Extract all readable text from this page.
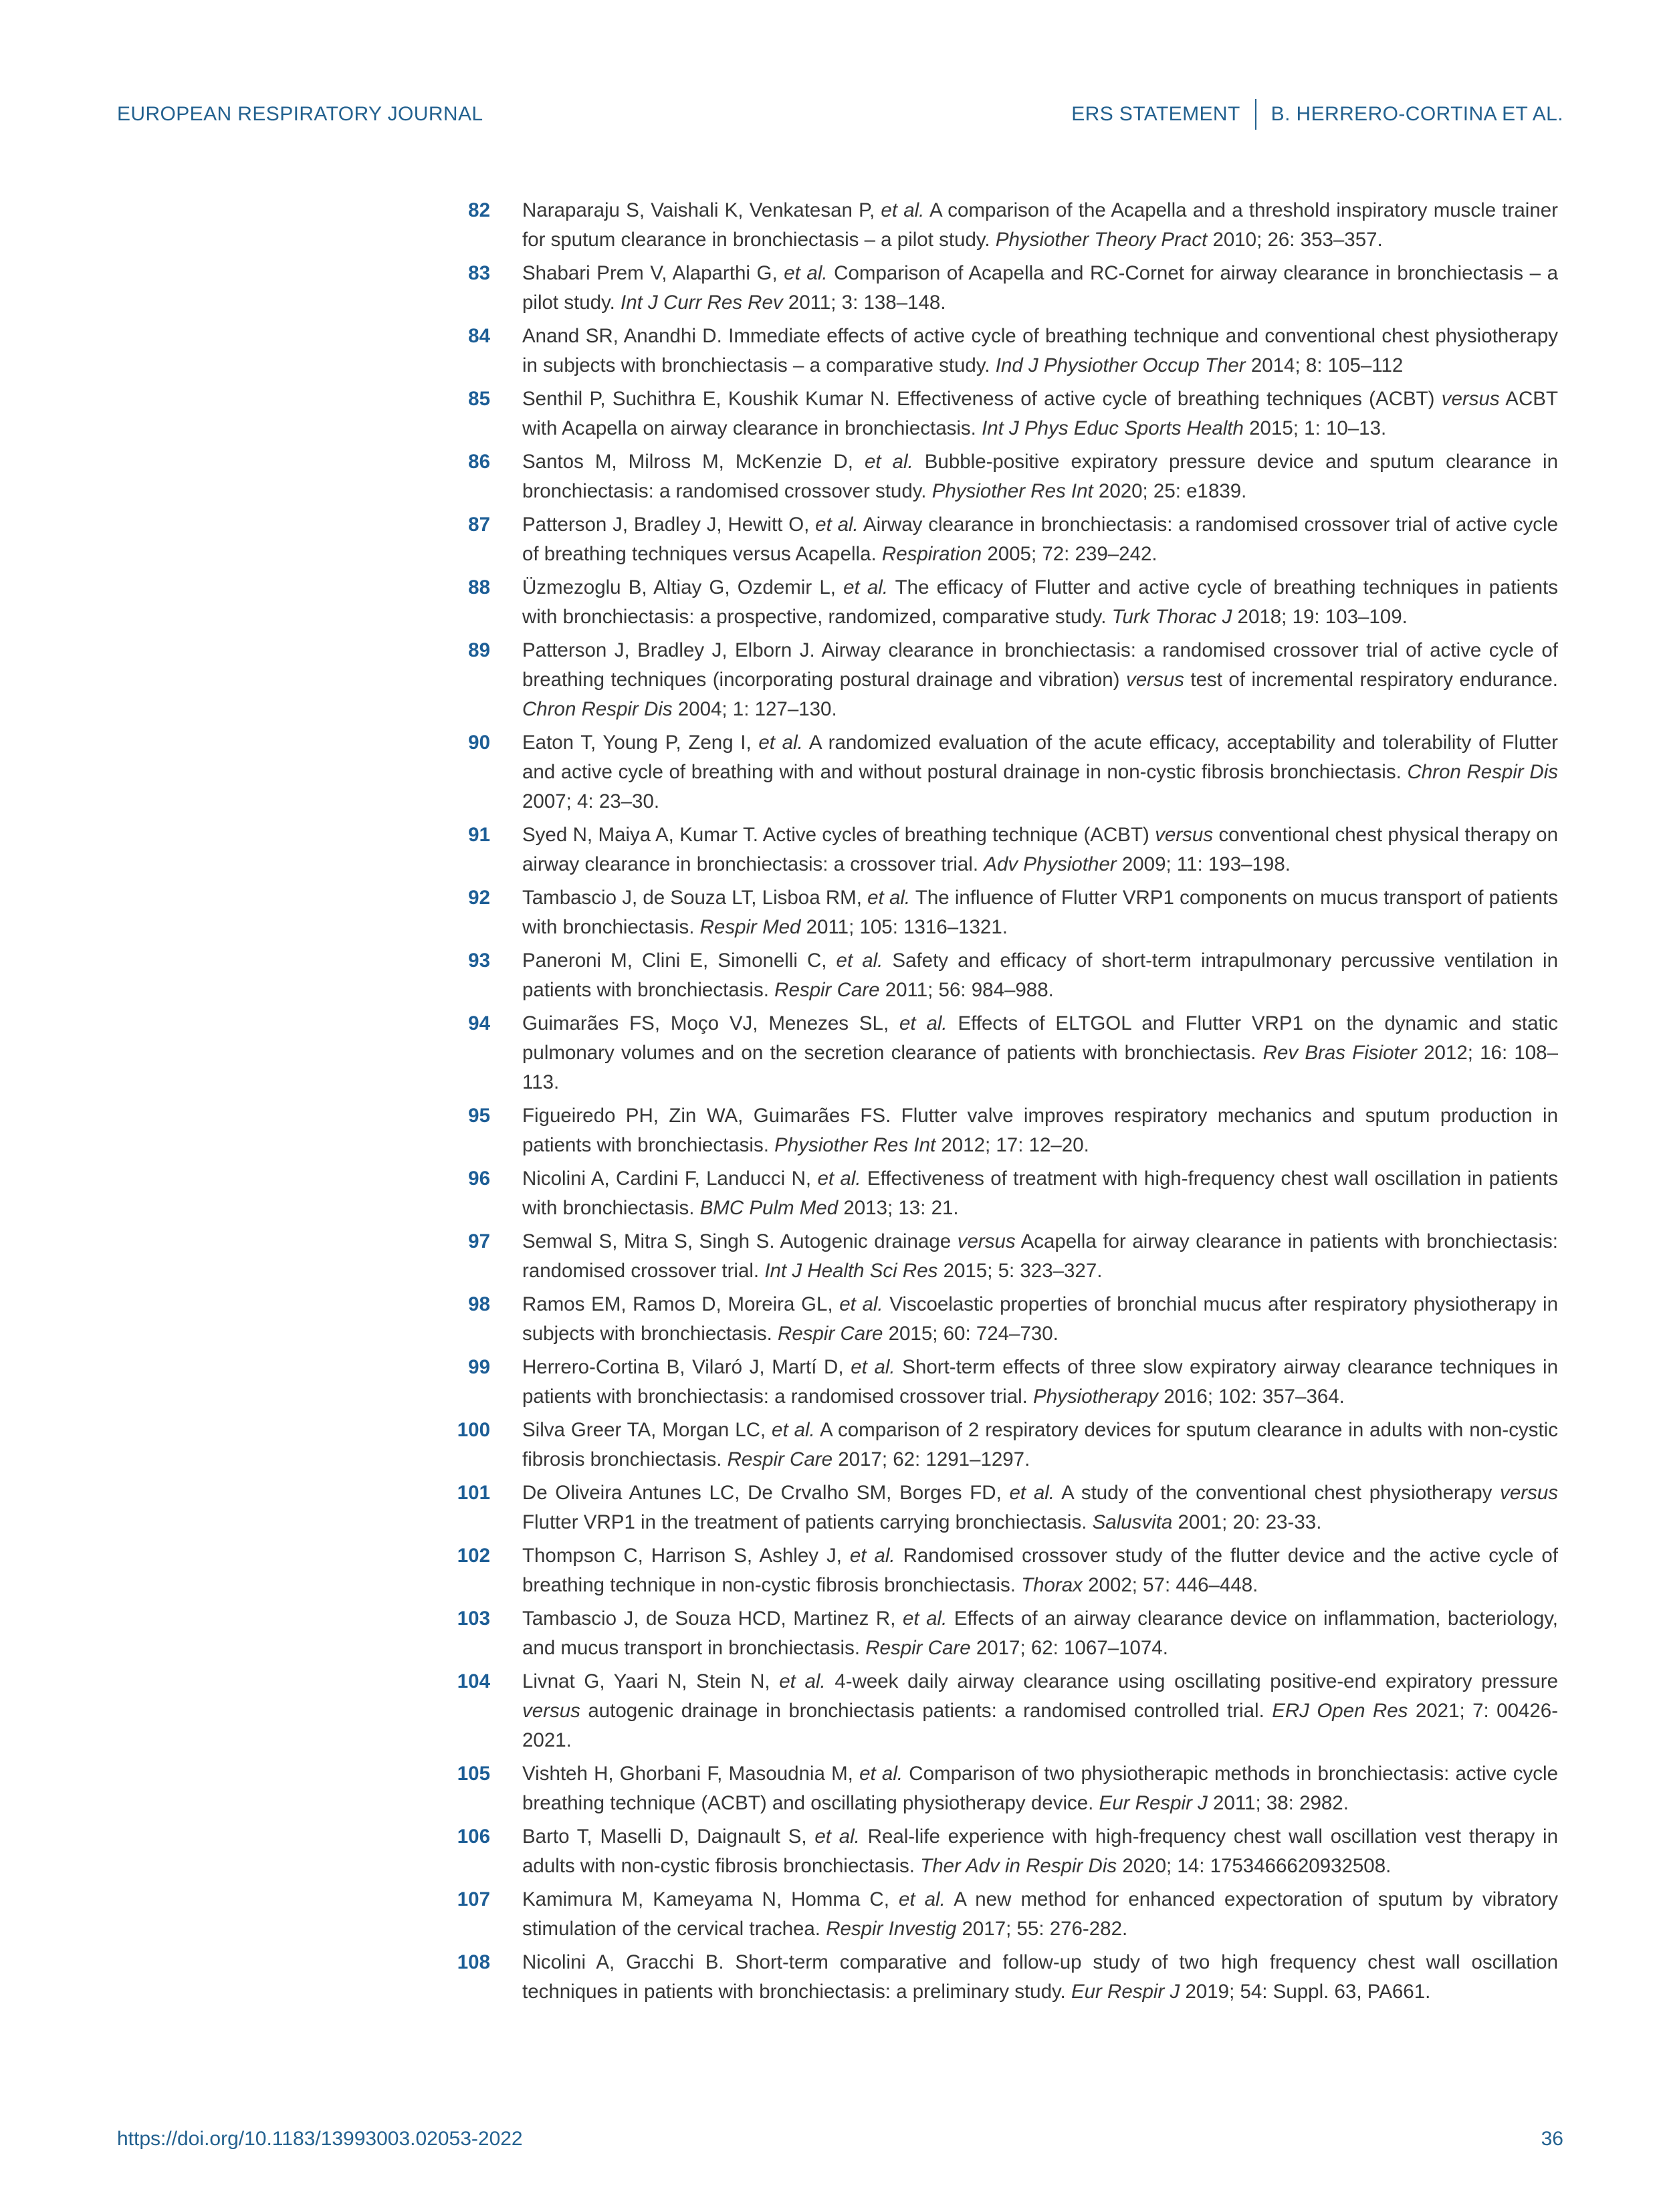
EUROPEAN RESPIRATORY JOURNAL	ERS STATEMENT B. HERRERO-CORTINA ET AL.
82 Naraparaju S, Vaishali K, Venkatesan P, et al. A comparison of the Acapella and a threshold inspiratory muscle trainer for sputum clearance in bronchiectasis – a pilot study. Physiother Theory Pract 2010; 26: 353–357.
83 Shabari Prem V, Alaparthi G, et al. Comparison of Acapella and RC-Cornet for airway clearance in bronchiectasis – a pilot study. Int J Curr Res Rev 2011; 3: 138–148.
84 Anand SR, Anandhi D. Immediate effects of active cycle of breathing technique and conventional chest physiotherapy in subjects with bronchiectasis – a comparative study. Ind J Physiother Occup Ther 2014; 8: 105–112
85 Senthil P, Suchithra E, Koushik Kumar N. Effectiveness of active cycle of breathing techniques (ACBT) versus ACBT with Acapella on airway clearance in bronchiectasis. Int J Phys Educ Sports Health 2015; 1: 10–13.
86 Santos M, Milross M, McKenzie D, et al. Bubble-positive expiratory pressure device and sputum clearance in bronchiectasis: a randomised crossover study. Physiother Res Int 2020; 25: e1839.
87 Patterson J, Bradley J, Hewitt O, et al. Airway clearance in bronchiectasis: a randomised crossover trial of active cycle of breathing techniques versus Acapella. Respiration 2005; 72: 239–242.
88 Üzmezoglu B, Altiay G, Ozdemir L, et al. The efficacy of Flutter and active cycle of breathing techniques in patients with bronchiectasis: a prospective, randomized, comparative study. Turk Thorac J 2018; 19: 103–109.
89 Patterson J, Bradley J, Elborn J. Airway clearance in bronchiectasis: a randomised crossover trial of active cycle of breathing techniques (incorporating postural drainage and vibration) versus test of incremental respiratory endurance. Chron Respir Dis 2004; 1: 127–130.
90 Eaton T, Young P, Zeng I, et al. A randomized evaluation of the acute efficacy, acceptability and tolerability of Flutter and active cycle of breathing with and without postural drainage in non-cystic fibrosis bronchiectasis. Chron Respir Dis 2007; 4: 23–30.
91 Syed N, Maiya A, Kumar T. Active cycles of breathing technique (ACBT) versus conventional chest physical therapy on airway clearance in bronchiectasis: a crossover trial. Adv Physiother 2009; 11: 193–198.
92 Tambascio J, de Souza LT, Lisboa RM, et al. The influence of Flutter VRP1 components on mucus transport of patients with bronchiectasis. Respir Med 2011; 105: 1316–1321.
93 Paneroni M, Clini E, Simonelli C, et al. Safety and efficacy of short-term intrapulmonary percussive ventilation in patients with bronchiectasis. Respir Care 2011; 56: 984–988.
94 Guimarães FS, Moço VJ, Menezes SL, et al. Effects of ELTGOL and Flutter VRP1 on the dynamic and static pulmonary volumes and on the secretion clearance of patients with bronchiectasis. Rev Bras Fisioter 2012; 16: 108–113.
95 Figueiredo PH, Zin WA, Guimarães FS. Flutter valve improves respiratory mechanics and sputum production in patients with bronchiectasis. Physiother Res Int 2012; 17: 12–20.
96 Nicolini A, Cardini F, Landucci N, et al. Effectiveness of treatment with high-frequency chest wall oscillation in patients with bronchiectasis. BMC Pulm Med 2013; 13: 21.
97 Semwal S, Mitra S, Singh S. Autogenic drainage versus Acapella for airway clearance in patients with bronchiectasis: randomised crossover trial. Int J Health Sci Res 2015; 5: 323–327.
98 Ramos EM, Ramos D, Moreira GL, et al. Viscoelastic properties of bronchial mucus after respiratory physiotherapy in subjects with bronchiectasis. Respir Care 2015; 60: 724–730.
99 Herrero-Cortina B, Vilaró J, Martí D, et al. Short-term effects of three slow expiratory airway clearance techniques in patients with bronchiectasis: a randomised crossover trial. Physiotherapy 2016; 102: 357–364.
100 Silva Greer TA, Morgan LC, et al. A comparison of 2 respiratory devices for sputum clearance in adults with non-cystic fibrosis bronchiectasis. Respir Care 2017; 62: 1291–1297.
101 De Oliveira Antunes LC, De Crvalho SM, Borges FD, et al. A study of the conventional chest physiotherapy versus Flutter VRP1 in the treatment of patients carrying bronchiectasis. Salusvita 2001; 20: 23-33.
102 Thompson C, Harrison S, Ashley J, et al. Randomised crossover study of the flutter device and the active cycle of breathing technique in non-cystic fibrosis bronchiectasis. Thorax 2002; 57: 446–448.
103 Tambascio J, de Souza HCD, Martinez R, et al. Effects of an airway clearance device on inflammation, bacteriology, and mucus transport in bronchiectasis. Respir Care 2017; 62: 1067–1074.
104 Livnat G, Yaari N, Stein N, et al. 4-week daily airway clearance using oscillating positive-end expiratory pressure versus autogenic drainage in bronchiectasis patients: a randomised controlled trial. ERJ Open Res 2021; 7: 00426-2021.
105 Vishteh H, Ghorbani F, Masoudnia M, et al. Comparison of two physiotherapic methods in bronchiectasis: active cycle breathing technique (ACBT) and oscillating physiotherapy device. Eur Respir J 2011; 38: 2982.
106 Barto T, Maselli D, Daignault S, et al. Real-life experience with high-frequency chest wall oscillation vest therapy in adults with non-cystic fibrosis bronchiectasis. Ther Adv in Respir Dis 2020; 14: 1753466620932508.
107 Kamimura M, Kameyama N, Homma C, et al. A new method for enhanced expectoration of sputum by vibratory stimulation of the cervical trachea. Respir Investig 2017; 55: 276-282.
108 Nicolini A, Gracchi B. Short-term comparative and follow-up study of two high frequency chest wall oscillation techniques in patients with bronchiectasis: a preliminary study. Eur Respir J 2019; 54: Suppl. 63, PA661.
https://doi.org/10.1183/13993003.02053-2022	36
